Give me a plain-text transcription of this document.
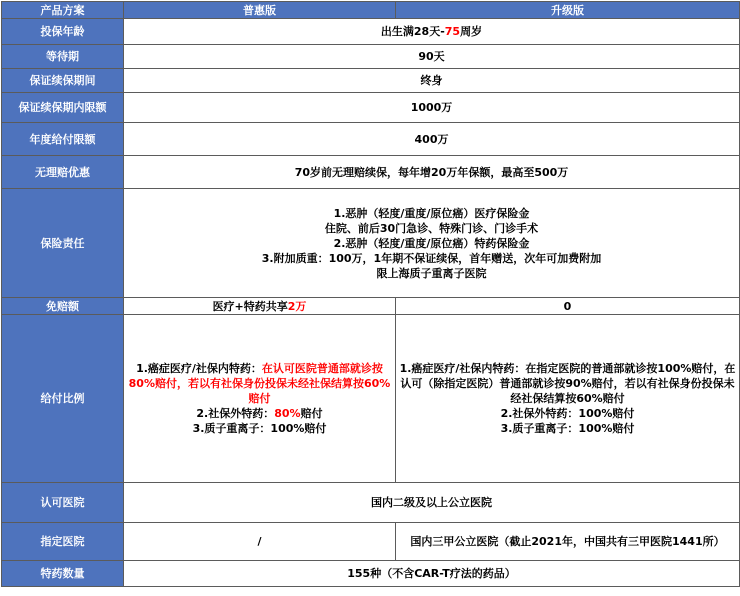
产品方案	普惠版	升级版
投保年龄	出生满28天-75周岁	
等待期	90天	
保证续保期间	终身	
保证续保期内限额	1000万	
年度给付限额	400万	
无理赔优惠	70岁前无理赔续保，每年增20万年保额，最高至500万	
保险责任	1.恶肿（轻度/重度/原位癌）医疗保险金
住院、前后30门急诊、特殊门诊、门诊手术
2.恶肿（轻度/重度/原位癌）特药保险金
3.附加质重：100万，1年期不保证续保，首年赠送，次年可加费附加
限上海质子重离子医院	

免赔额	医疗+特药共享2万	0
给付比例	1.癌症医疗/社保内特药：在认可医院普通部就诊按80%赔付，若以有社保身份投保未经社保结算按60%赔付
2.社保外特药：80%赔付
3.质子重离子：100%赔付	1.癌症医疗/社保内特药：在指定医院的普通部就诊按100%赔付，在认可（除指定医院）普通部就诊按90%赔付，若以有社保身份投保未经社保结算按60%赔付
2.社保外特药：100%赔付
3.质子重离子：100%赔付

认可医院	国内二级及以上公立医院	
指定医院	/	国内三甲公立医院（截止2021年，中国共有三甲医院1441所）
特药数量	155种（不含CAR-T疗法的药品）	
